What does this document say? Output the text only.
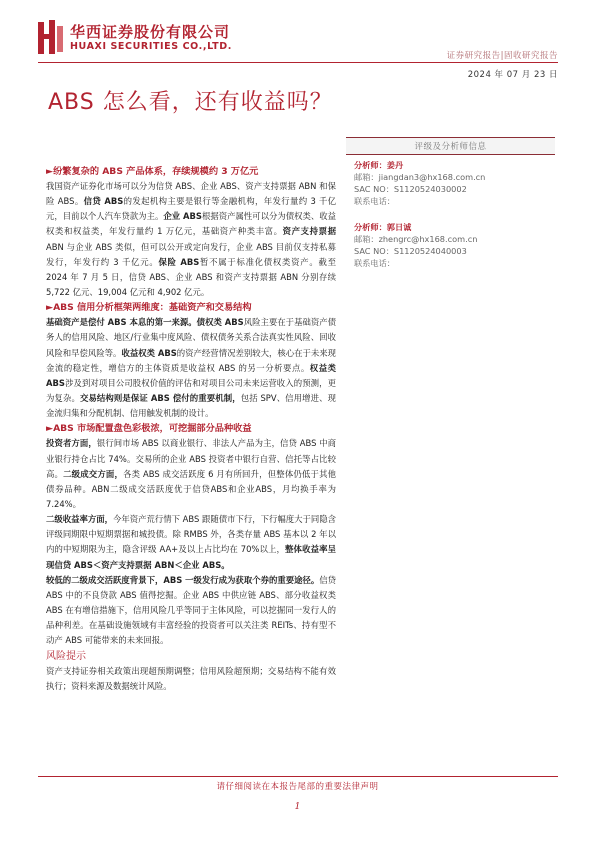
华西证券股份有限公司
HUAXI SECURITIES CO.,LTD.
证券研究报告|固收研究报告
2024 年 07 月 23 日
ABS 怎么看，还有收益吗？
►纷繁复杂的 ABS 产品体系，存续规模约 3 万亿元

我国资产证券化市场可以分为信贷 ABS、企业 ABS、资产支持票据 ABN 和保险 ABS。信贷 ABS的发起机构主要是银行等金融机构，年发行量约 3 千亿元，目前以个人汽车贷款为主。企业 ABS根据资产属性可以分为债权类、收益权类和权益类，年发行量约 1 万亿元，基础资产种类丰富。资产支持票据 ABN 与企业 ABS 类似，但可以公开或定向发行，企业 ABS 目前仅支持私募发行，年发行约 3 千亿元。保险 ABS暂不属于标准化债权类资产。截至 2024 年 7 月 5 日，信贷 ABS、企业 ABS 和资产支持票据 ABN 分别存续 5,722 亿元、19,004 亿元和 4,902 亿元。

►ABS 信用分析框架两维度：基础资产和交易结构

基础资产是偿付 ABS 本息的第一来源。债权类 ABS风险主要在于基础资产债务人的信用风险、地区/行业集中度风险、债权债务关系合法真实性风险、回收风险和早偿风险等。收益权类 ABS的资产经营情况差别较大，核心在于未来现金流的稳定性，增信方的主体资质是收益权 ABS 的另一分析要点。权益类 ABS涉及到对项目公司股权价值的评估和对项目公司未来运营收入的预测，更为复杂。交易结构则是保证 ABS 偿付的重要机制，包括 SPV、信用增进、现金流归集和分配机制、信用触发机制的设计。

►ABS 市场配置盘色彩极浓，可挖掘部分品种收益

投资者方面，银行间市场 ABS 以商业银行、非法人产品为主，信贷 ABS 中商业银行持仓占比 74%。交易所的企业 ABS 投资者中银行自营、信托等占比较高。二级成交方面，各类 ABS 成交活跃度 6 月有所回升，但整体仍低于其他债券品种。ABN二级成交活跃度优于信贷ABS和企业ABS，月均换手率为 7.24%。

二级收益率方面，今年资产荒行情下 ABS 跟随债市下行，下行幅度大于同隐含评级同期限中短期票据和城投债。除 RMBS 外，各类存量 ABS 基本以 2 年以内的中短期限为主，隐含评级 AA+及以上占比均在 70%以上，整体收益率呈现信贷 ABS＜资产支持票据 ABN＜企业 ABS。

较低的二级成交活跃度背景下，ABS 一级发行成为获取个券的重要途径。信贷 ABS 中的不良贷款 ABS 值得挖掘。企业 ABS 中供应链 ABS、部分收益权类 ABS 在有增信措施下，信用风险几乎等同于主体风险，可以挖掘同一发行人的品种利差。在基础设施领域有丰富经验的投资者可以关注类 REITs、持有型不动产 ABS 可能带来的未来回报。

风险提示

资产支持证券相关政策出现超预期调整；信用风险超预期；交易结构不能有效执行；资料来源及数据统计风险。

评级及分析师信息
分析师：姜丹
邮箱：jiangdan3@hx168.com.cn
SAC NO：S1120524030002
联系电话：
分析师：郭日诚
邮箱：zhengrc@hx168.com.cn
SAC NO：S1120524040003
联系电话：
请仔细阅读在本报告尾部的重要法律声明
1
